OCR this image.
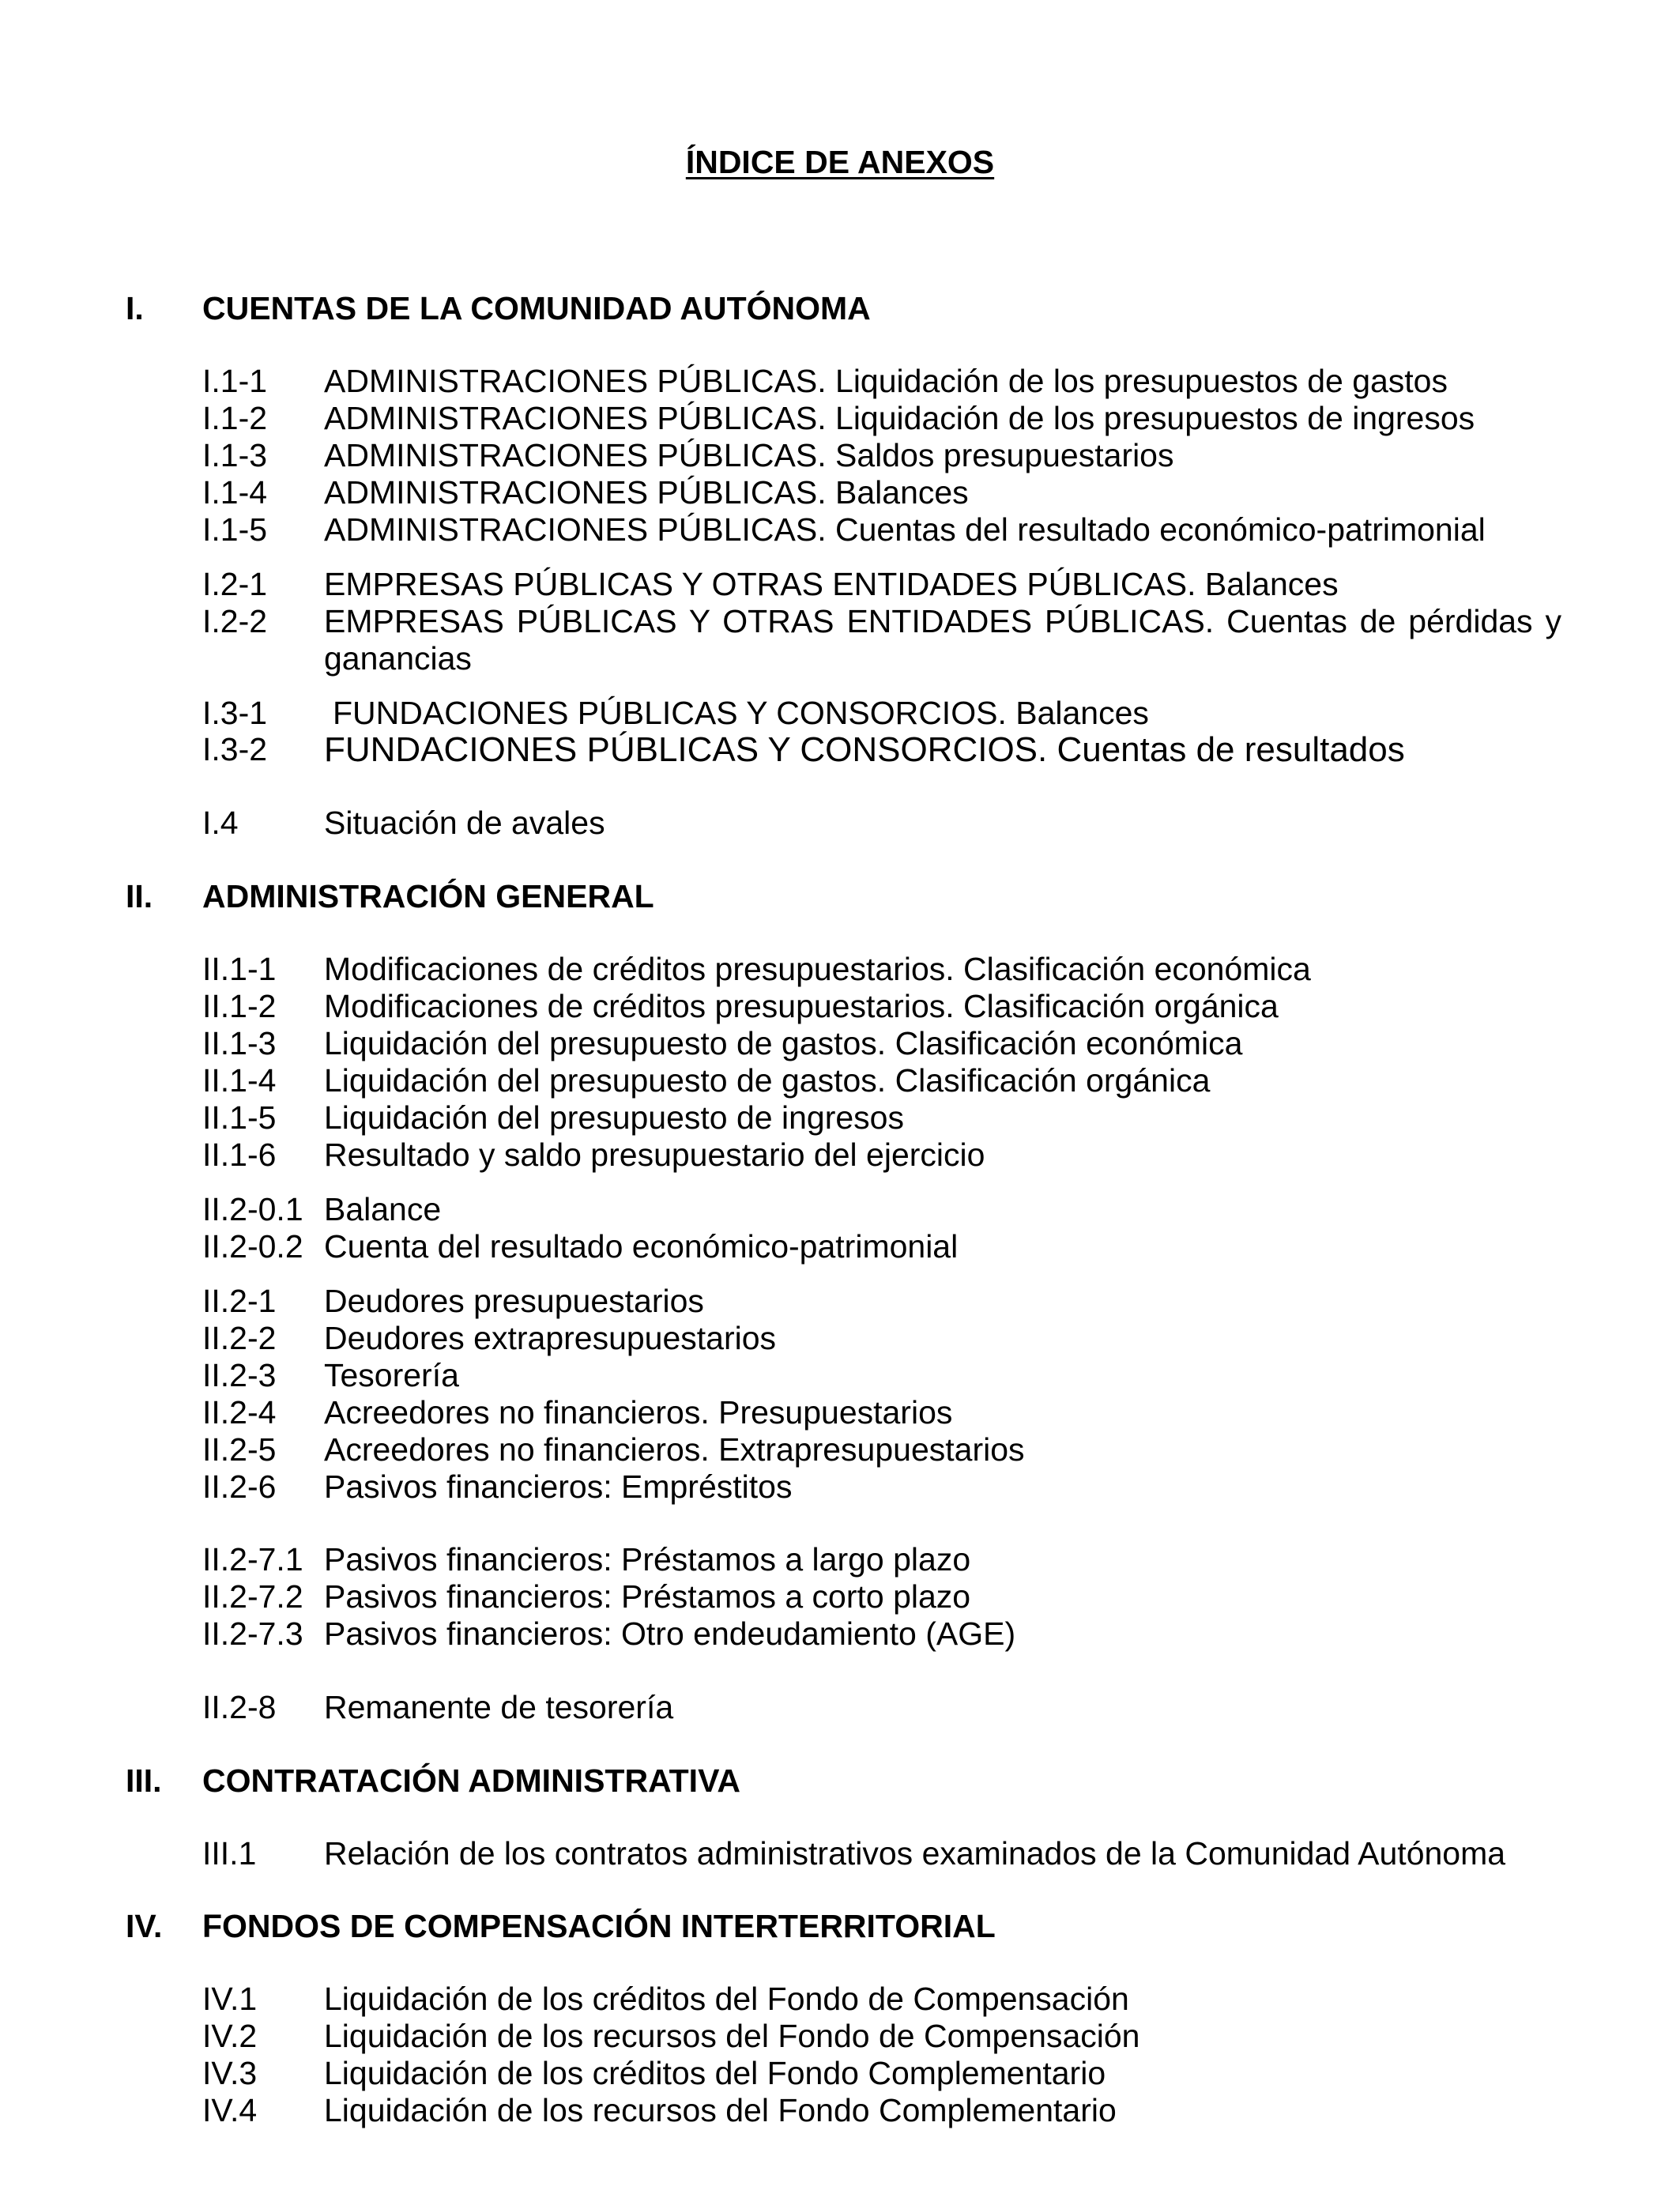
ÍNDICE DE ANEXOS
I. CUENTAS DE LA COMUNIDAD AUTÓNOMA
I.1-1 ADMINISTRACIONES PÚBLICAS. Liquidación de los presupuestos de gastos
I.1-2 ADMINISTRACIONES PÚBLICAS. Liquidación de los presupuestos de ingresos
I.1-3 ADMINISTRACIONES PÚBLICAS. Saldos presupuestarios
I.1-4 ADMINISTRACIONES PÚBLICAS. Balances
I.1-5 ADMINISTRACIONES PÚBLICAS. Cuentas del resultado económico-patrimonial
I.2-1 EMPRESAS PÚBLICAS Y OTRAS ENTIDADES PÚBLICAS. Balances
I.2-2 EMPRESAS PÚBLICAS Y OTRAS ENTIDADES PÚBLICAS. Cuentas de pérdidas y ganancias
I.3-1 FUNDACIONES PÚBLICAS Y CONSORCIOS. Balances
I.3-2 FUNDACIONES PÚBLICAS Y CONSORCIOS. Cuentas de resultados
I.4	Situación de avales
II. ADMINISTRACIÓN GENERAL
II.1-1 Modificaciones de créditos presupuestarios. Clasificación económica
II.1-2 Modificaciones de créditos presupuestarios. Clasificación orgánica
II.1-3 Liquidación del presupuesto de gastos. Clasificación económica
II.1-4 Liquidación del presupuesto de gastos. Clasificación orgánica
II.1-5 Liquidación del presupuesto de ingresos
II.1-6 Resultado y saldo presupuestario del ejercicio
II.2-0.1 Balance
II.2-0.2 Cuenta del resultado económico-patrimonial
II.2-1 Deudores presupuestarios
II.2-2 Deudores extrapresupuestarios
II.2-3 Tesorería
II.2-4 Acreedores no financieros. Presupuestarios
II.2-5 Acreedores no financieros. Extrapresupuestarios
II.2-6 Pasivos financieros: Empréstitos
II.2-7.1 Pasivos financieros: Préstamos a largo plazo
II.2-7.2 Pasivos financieros: Préstamos a corto plazo
II.2-7.3 Pasivos financieros: Otro endeudamiento (AGE)
II.2-8 Remanente de tesorería
III. CONTRATACIÓN ADMINISTRATIVA
III.1 Relación de los contratos administrativos examinados de la Comunidad Autónoma
IV. FONDOS DE COMPENSACIÓN INTERTERRITORIAL
IV.1 Liquidación de los créditos del Fondo de Compensación
IV.2 Liquidación de los recursos del Fondo de Compensación
IV.3 Liquidación de los créditos del Fondo Complementario
IV.4 Liquidación de los recursos del Fondo Complementario
